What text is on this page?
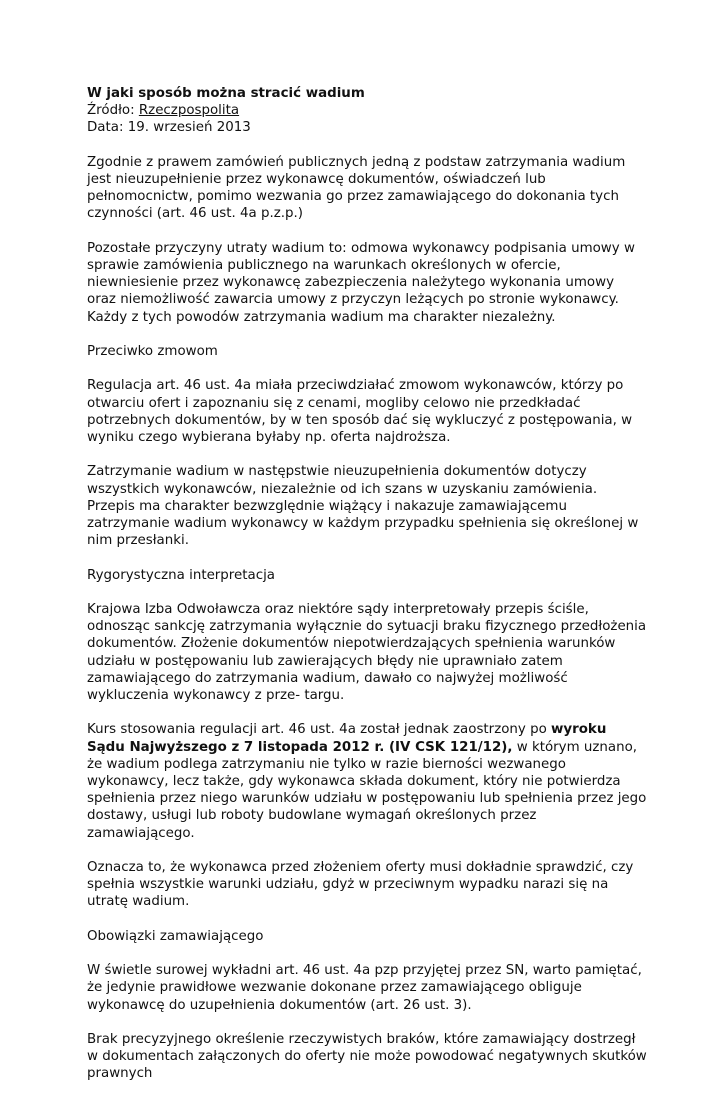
W jaki sposób można stracić wadium
Źródło: Rzeczpospolita
Data: 19. wrzesień 2013

Zgodnie z prawem zamówień publicznych jedną z podstaw zatrzymania wadium jest nieuzupełnienie przez wykonawcę dokumentów, oświadczeń lub pełnomocnictw, pomimo wezwania go przez zamawiającego do dokonania tych czynności (art. 46 ust. 4a p.z.p.)

Pozostałe przyczyny utraty wadium to: odmowa wykonawcy podpisania umowy w sprawie zamówienia publicznego na warunkach określonych w ofercie, niewniesienie przez wykonawcę zabezpieczenia należytego wykonania umowy oraz niemożliwość zawarcia umowy z przyczyn leżących po stronie wykonawcy. Każdy z tych powodów zatrzymania wadium ma charakter niezależny.

Przeciwko zmowom

Regulacja art. 46 ust. 4a miała przeciwdziałać zmowom wykonawców, którzy po otwarciu ofert i zapoznaniu się z cenami, mogliby celowo nie przedkładać potrzebnych dokumentów, by w ten sposób dać się wykluczyć z postępowania, w wyniku czego wybierana byłaby np. oferta najdroższa.

Zatrzymanie wadium w następstwie nieuzupełnienia dokumentów dotyczy wszystkich wykonawców, niezależnie od ich szans w uzyskaniu zamówienia. Przepis ma charakter bezwzględnie wiążący i nakazuje zamawiającemu zatrzymanie wadium wykonawcy w każdym przypadku spełnienia się określonej w nim przesłanki.

Rygorystyczna interpretacja

Krajowa Izba Odwoławcza oraz niektóre sądy interpretowały przepis ściśle, odnosząc sankcję zatrzymania wyłącznie do sytuacji braku fizycznego przedłożenia dokumentów. Złożenie dokumentów niepotwierdzających spełnienia warunków udziału w postępowaniu lub zawierających błędy nie uprawniało zatem zamawiającego do zatrzymania wadium, dawało co najwyżej możliwość wykluczenia wykonawcy z prze- targu.

Kurs stosowania regulacji art. 46 ust. 4a został jednak zaostrzony po wyroku Sądu Najwyższego z 7 listopada 2012 r. (IV CSK 121/12), w którym uznano, że wadium podlega zatrzymaniu nie tylko w razie bierności wezwanego wykonawcy, lecz także, gdy wykonawca składa dokument, który nie potwierdza spełnienia przez niego warunków udziału w postępowaniu lub spełnienia przez jego dostawy, usługi lub roboty budowlane wymagań określonych przez zamawiającego.

Oznacza to, że wykonawca przed złożeniem oferty musi dokładnie sprawdzić, czy spełnia wszystkie warunki udziału, gdyż w przeciwnym wypadku narazi się na utratę wadium.

Obowiązki zamawiającego

W świetle surowej wykładni art. 46 ust. 4a pzp przyjętej przez SN, warto pamiętać, że jedynie prawidłowe wezwanie dokonane przez zamawiającego obliguje wykonawcę do uzupełnienia dokumentów (art. 26 ust. 3).

Brak precyzyjnego określenie rzeczywistych braków, które zamawiający dostrzegł w dokumentach załączonych do oferty nie może powodować negatywnych skutków prawnych
